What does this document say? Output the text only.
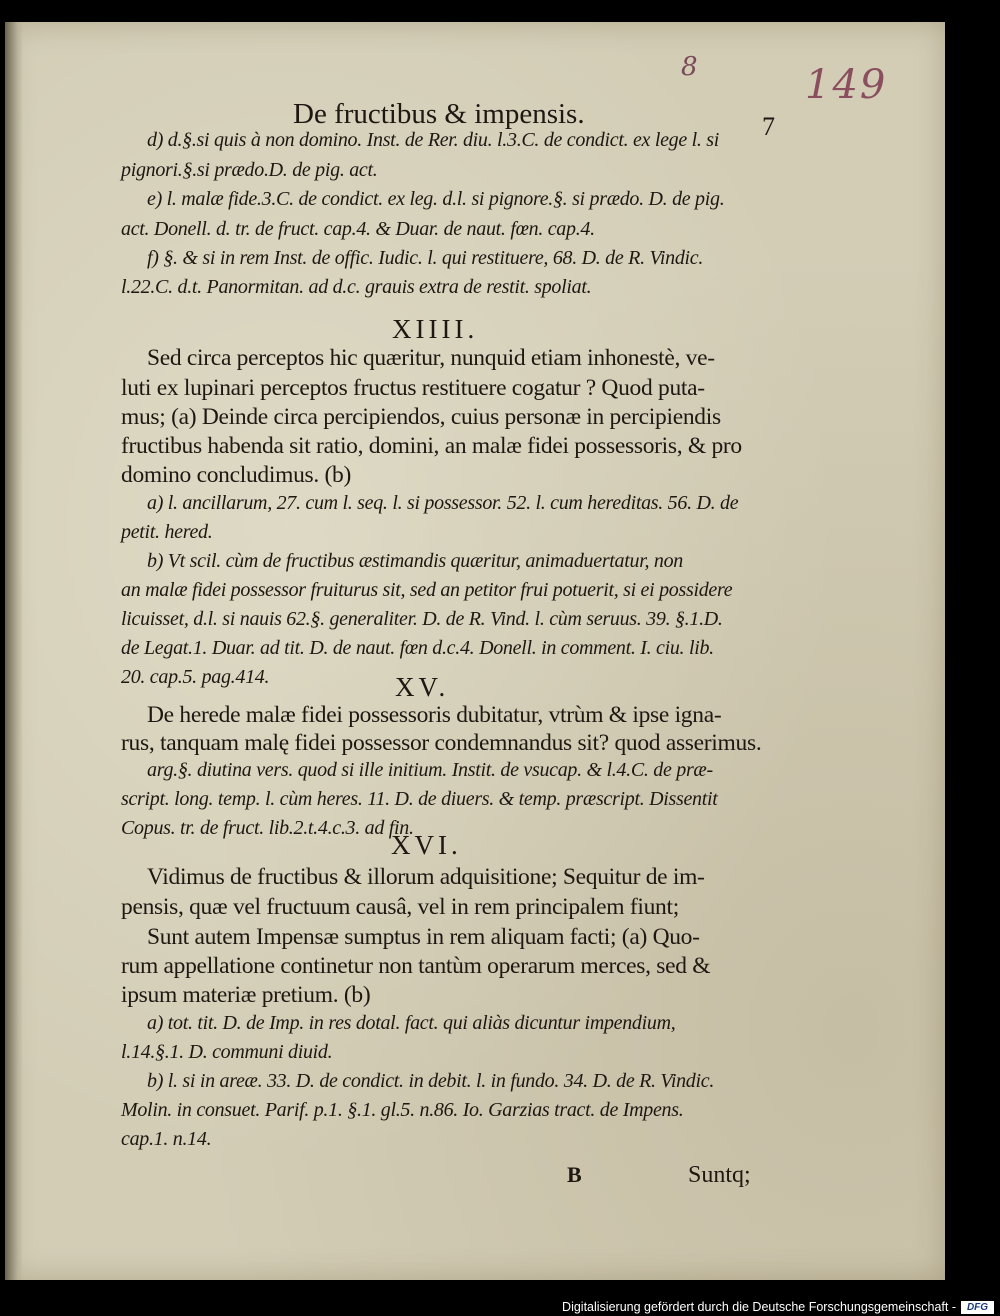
8	149
De fructibus & impensis.	7
d) d.§.si quis à non domino. Inst. de Rer. diu. l.3.C. de condict. ex lege l. si
pignori.§.si prædo.D. de pig. act.
e) l. malæ fide.3.C. de condict. ex leg. d.l. si pignore.§. si prædo. D. de pig.
act. Donell. d. tr. de fruct. cap.4. & Duar. de naut. fœn. cap.4.
f) §. & si in rem Inst. de offic. Iudic. l. qui restituere, 68. D. de R. Vindic.
l.22.C. d.t. Panormitan. ad d.c. grauis extra de restit. spoliat.
XIIII.
Sed circa perceptos hic quæritur, nunquid etiam inhonestè, ve-
luti ex lupinari perceptos fructus restituere cogatur ? Quod puta-
mus; (a) Deinde circa percipiendos, cuius personæ in percipiendis
fructibus habenda sit ratio, domini, an malæ fidei possessoris, & pro
domino concludimus. (b)
a) l. ancillarum, 27. cum l. seq. l. si possessor. 52. l. cum hereditas. 56. D. de
petit. hered.
b) Vt scil. cùm de fructibus æstimandis quæritur, animaduertatur, non
an malæ fidei possessor fruiturus sit, sed an petitor frui potuerit, si ei possidere
licuisset, d.l. si nauis 62.§. generaliter. D. de R. Vind. l. cùm seruus. 39. §.1.D.
de Legat.1. Duar. ad tit. D. de naut. fœn d.c.4. Donell. in comment. I. ciu. lib.
20. cap.5. pag.414.	XV.
De herede malæ fidei possessoris dubitatur, vtrùm & ipse igna-
rus, tanquam malę fidei possessor condemnandus sit? quod asserimus.
arg.§. diutina vers. quod si ille initium. Instit. de vsucap. & l.4.C. de præ-
script. long. temp. l. cùm heres. 11. D. de diuers. & temp. præscript. Dissentit
Copus. tr. de fruct. lib.2.t.4.c.3. ad fin.
XVI.
Vidimus de fructibus & illorum adquisitione; Sequitur de im-
pensis, quæ vel fructuum causâ, vel in rem principalem fiunt;
Sunt autem Impensæ sumptus in rem aliquam facti; (a) Quo-
rum appellatione continetur non tantùm operarum merces, sed &
ipsum materiæ pretium. (b)
a) tot. tit. D. de Imp. in res dotal. fact. qui aliàs dicuntur impendium,
l.14.§.1. D. communi diuid.
b) l. si in areæ. 33. D. de condict. in debit. l. in fundo. 34. D. de R. Vindic.
Molin. in consuet. Parif. p.1. §.1. gl.5. n.86. Io. Garzias tract. de Impens.
cap.1. n.14.
B	Suntq;
Digitalisierung gefördert durch die Deutsche Forschungsgemeinschaft -	DFG
